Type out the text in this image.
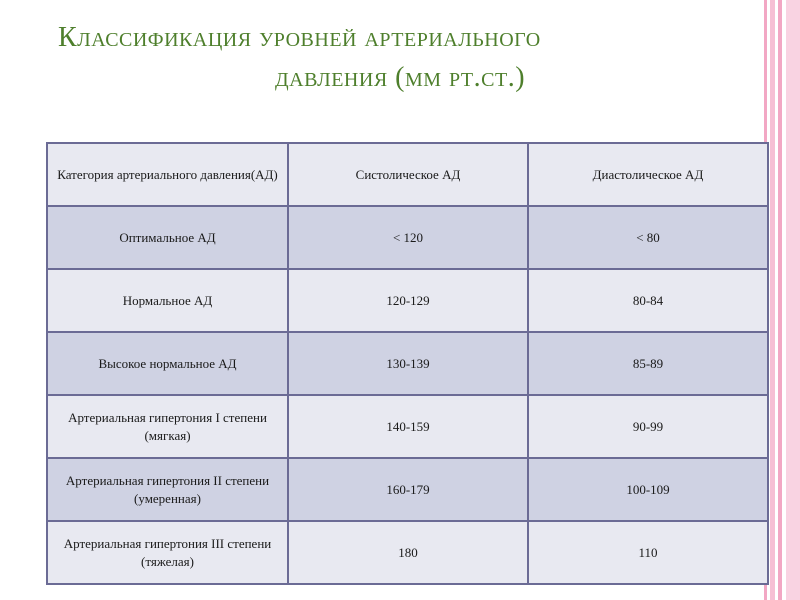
Классификация уровней артериального
давления (мм рт.ст.)
Категория артериального давления(АД)	Систолическое АД	Диастолическое АД
Оптимальное АД	< 120	< 80
Нормальное АД	120-129	80-84
Высокое нормальное АД	130-139	85-89
Артериальная гипертония I степени (мягкая)	140-159	90-99
Артериальная гипертония II степени (умеренная)	160-179	100-109
Артериальная гипертония III степени (тяжелая)	180	110
